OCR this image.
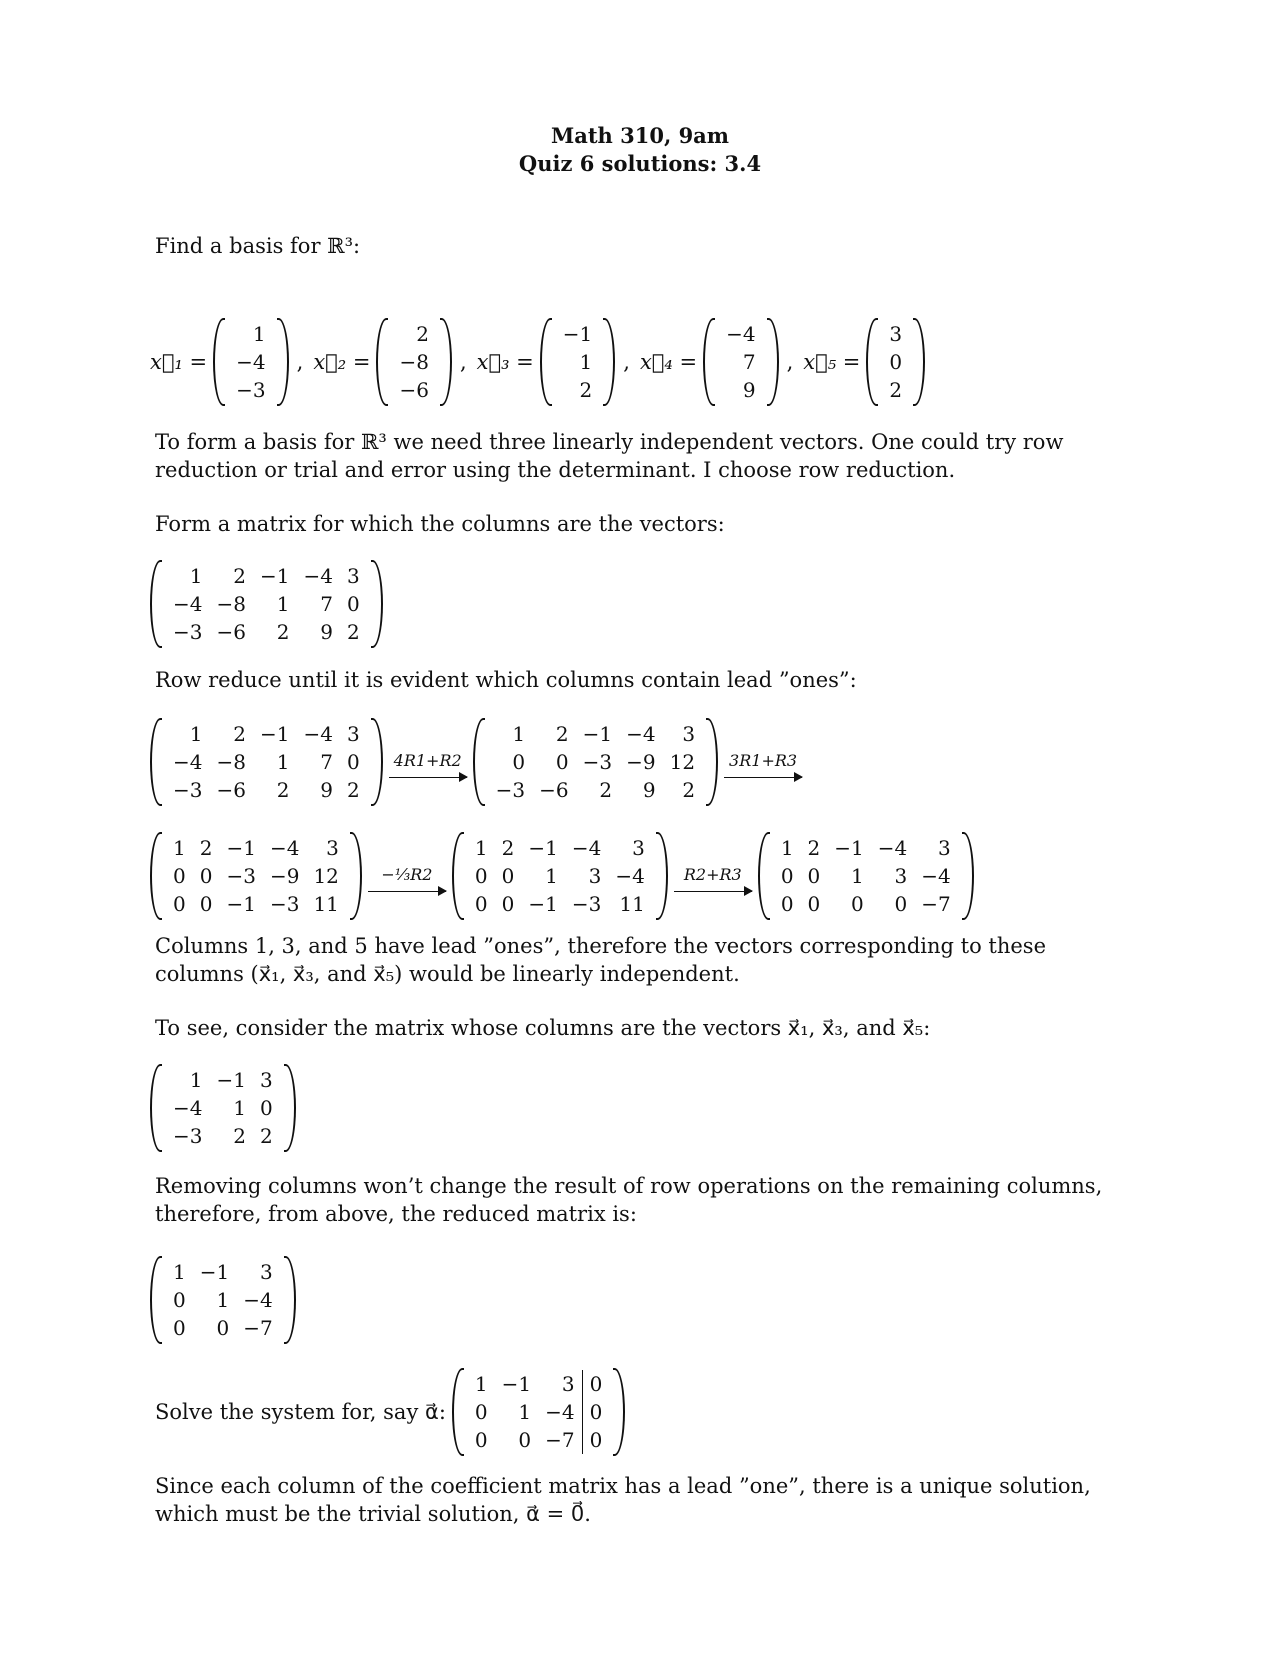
Math 310, 9am
Quiz 6 solutions: 3.4

Find a basis for ℝ³:

x⃗₁ =
1
−4
−3
, x⃗₂ =
2
−8
−6
, x⃗₃ =
−1
1
2
, x⃗₄ =
−4
7
9
, x⃗₅ =
3
0
2

To form a basis for ℝ³ we need three linearly independent vectors. One could try row reduction or trial and error using the determinant. I choose row reduction.

Form a matrix for which the columns are the vectors:

1	2	−1	−4	3
−4	−8	1	7	0
−3	−6	2	9	2

Row reduce until it is evident which columns contain lead ”ones”:

1	2	−1	−4	3
−4	−8	1	7	0
−3	−6	2	9	2
4R1+R2
1	2	−1	−4	3
0	0	−3	−9	12
−3	−6	2	9	2
3R1+R3
1	2	−1	−4	3
0	0	−3	−9	12
0	0	−1	−3	11
−⅓R2
1	2	−1	−4	3
0	0	1	3	−4
0	0	−1	−3	11
R2+R3
1	2	−1	−4	3
0	0	1	3	−4
0	0	0	0	−7

Columns 1, 3, and 5 have lead ”ones”, therefore the vectors corresponding to these columns (x⃗₁, x⃗₃, and x⃗₅) would be linearly independent.

To see, consider the matrix whose columns are the vectors x⃗₁, x⃗₃, and x⃗₅:

1	−1	3
−4	1	0
−3	2	2

Removing columns won’t change the result of row operations on the remaining columns, therefore, from above, the reduced matrix is:

1	−1	3
0	1	−4
0	0	−7
Solve the system for, say α⃗:
1	−1	3	0
0	1	−4	0
0	0	−7	0

Since each column of the coefficient matrix has a lead ”one”, there is a unique solution, which must be the trivial solution, α⃗ = 0⃗.
